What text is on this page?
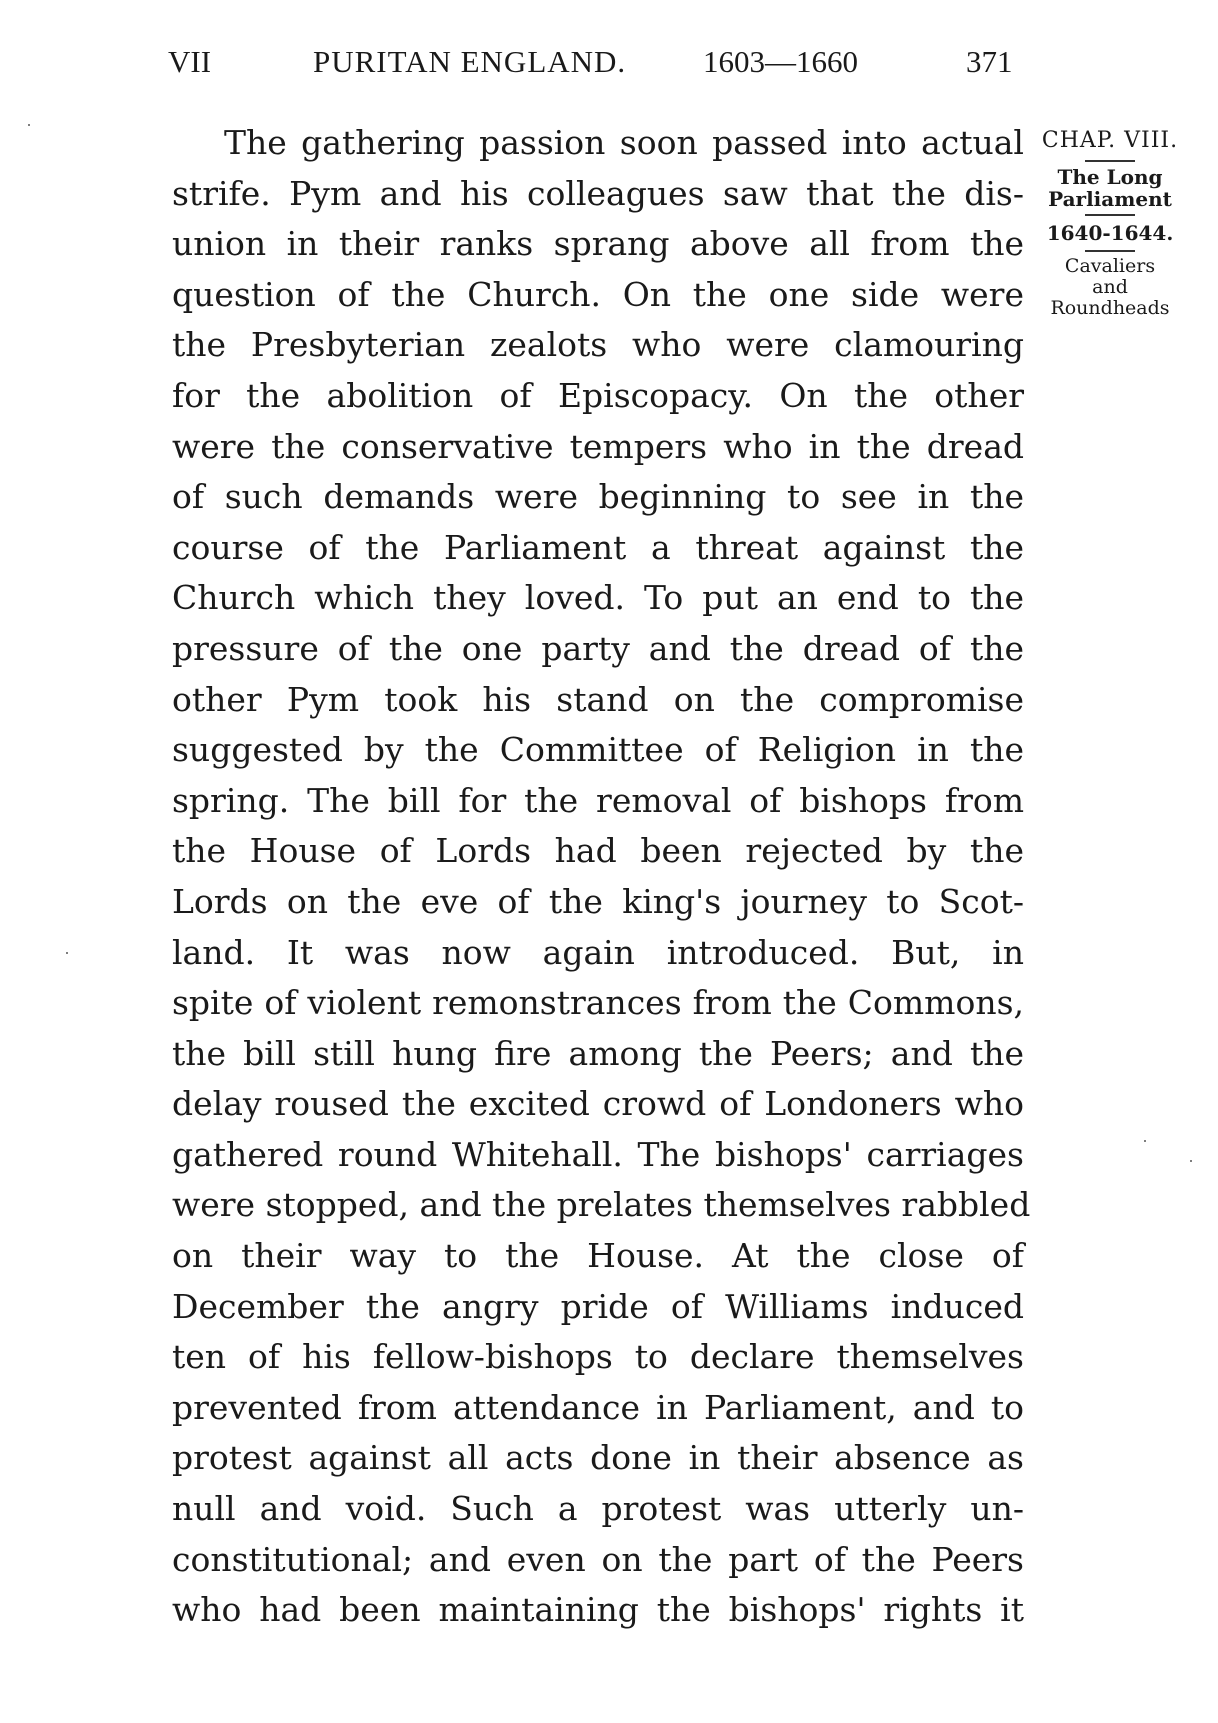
VII	PURITAN ENGLAND. 1603—1660	371
The gathering passion soon passed into actual
strife. Pym and his colleagues saw that the dis-
union in their ranks sprang above all from the
question of the Church. On the one side were
the Presbyterian zealots who were clamouring
for the abolition of Episcopacy. On the other
were the conservative tempers who in the dread
of such demands were beginning to see in the
course of the Parliament a threat against the
Church which they loved. To put an end to the
pressure of the one party and the dread of the
other Pym took his stand on the compromise
suggested by the Committee of Religion in the
spring. The bill for the removal of bishops from
the House of Lords had been rejected by the
Lords on the eve of the king's journey to Scot-
land. It was now again introduced. But, in
spite of violent remonstrances from the Commons,
the bill still hung fire among the Peers; and the
delay roused the excited crowd of Londoners who
gathered round Whitehall. The bishops' carriages
were stopped, and the prelates themselves rabbled
on their way to the House. At the close of
December the angry pride of Williams induced
ten of his fellow-bishops to declare themselves
prevented from attendance in Parliament, and to
protest against all acts done in their absence as
null and void. Such a protest was utterly un-
constitutional; and even on the part of the Peers
who had been maintaining the bishops' rights it
CHAP. VIII.
The Long
Parliament
1640-1644.
Cavaliers
and
Roundheads
